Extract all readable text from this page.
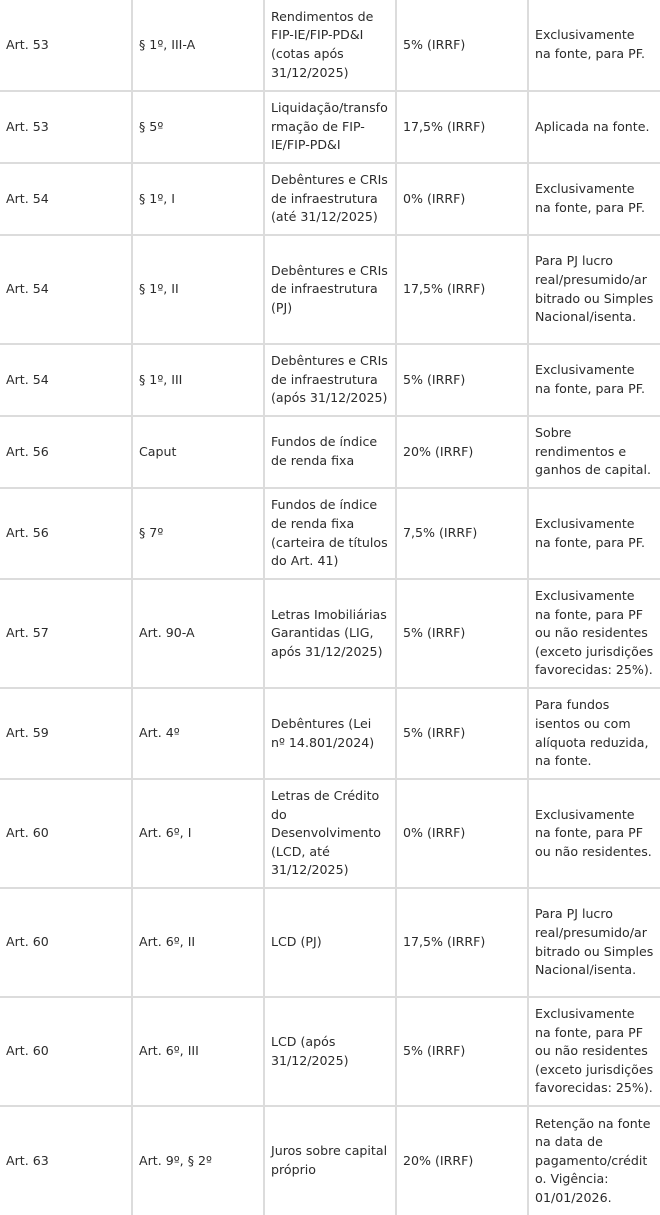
Art. 53	§ 1º, III-A	Rendimentos de FIP-IE/FIP-PD&I (cotas após 31/12/2025)	5% (IRRF)	Exclusivamente na fonte, para PF.
Art. 53	§ 5º	Liquidação/transformação de FIP-IE/FIP-PD&I	17,5% (IRRF)	Aplicada na fonte.
Art. 54	§ 1º, I	Debêntures e CRIs de infraestrutura (até 31/12/2025)	0% (IRRF)	Exclusivamente na fonte, para PF.
Art. 54	§ 1º, II	Debêntures e CRIs de infraestrutura (PJ)	17,5% (IRRF)	Para PJ lucro real/presumido/arbitrado ou Simples Nacional/isenta.
Art. 54	§ 1º, III	Debêntures e CRIs de infraestrutura (após 31/12/2025)	5% (IRRF)	Exclusivamente na fonte, para PF.
Art. 56	Caput	Fundos de índice de renda fixa	20% (IRRF)	Sobre rendimentos e ganhos de capital.
Art. 56	§ 7º	Fundos de índice de renda fixa (carteira de títulos do Art. 41)	7,5% (IRRF)	Exclusivamente na fonte, para PF.
Art. 57	Art. 90-A	Letras Imobiliárias Garantidas (LIG, após 31/12/2025)	5% (IRRF)	Exclusivamente na fonte, para PF ou não residentes (exceto jurisdições favorecidas: 25%).
Art. 59	Art. 4º	Debêntures (Lei nº 14.801/2024)	5% (IRRF)	Para fundos isentos ou com alíquota reduzida, na fonte.
Art. 60	Art. 6º, I	Letras de Crédito do Desenvolvimento (LCD, até 31/12/2025)	0% (IRRF)	Exclusivamente na fonte, para PF ou não residentes.
Art. 60	Art. 6º, II	LCD (PJ)	17,5% (IRRF)	Para PJ lucro real/presumido/arbitrado ou Simples Nacional/isenta.
Art. 60	Art. 6º, III	LCD (após 31/12/2025)	5% (IRRF)	Exclusivamente na fonte, para PF ou não residentes (exceto jurisdições favorecidas: 25%).
Art. 63	Art. 9º, § 2º	Juros sobre capital próprio	20% (IRRF)	Retenção na fonte na data de pagamento/crédito. Vigência: 01/01/2026.
